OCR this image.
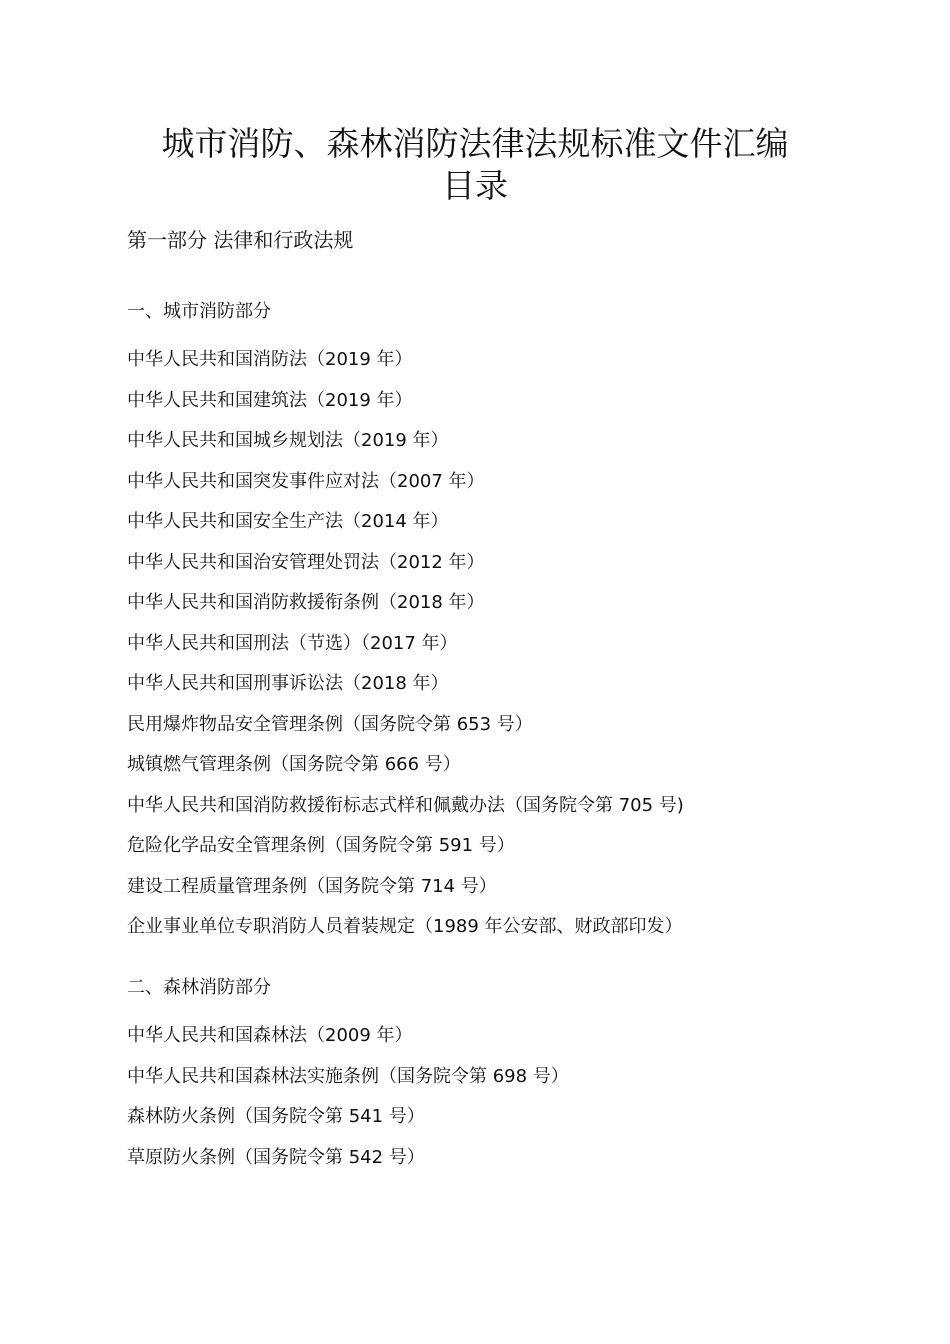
城市消防、森林消防法律法规标准文件汇编
目录
第一部分 法律和行政法规
一、城市消防部分
中华人民共和国消防法（2019 年）
中华人民共和国建筑法（2019 年）
中华人民共和国城乡规划法（2019 年）
中华人民共和国突发事件应对法（2007 年）
中华人民共和国安全生产法（2014 年）
中华人民共和国治安管理处罚法（2012 年）
中华人民共和国消防救援衔条例（2018 年）
中华人民共和国刑法（节选）（2017 年）
中华人民共和国刑事诉讼法（2018 年）
民用爆炸物品安全管理条例（国务院令第 653 号）
城镇燃气管理条例（国务院令第 666 号）
中华人民共和国消防救援衔标志式样和佩戴办法（国务院令第 705 号)
危险化学品安全管理条例（国务院令第 591 号）
建设工程质量管理条例（国务院令第 714 号）
企业事业单位专职消防人员着装规定（1989 年公安部、财政部印发）
二、森林消防部分
中华人民共和国森林法（2009 年）
中华人民共和国森林法实施条例（国务院令第 698 号）
森林防火条例（国务院令第 541 号）
草原防火条例（国务院令第 542 号）
